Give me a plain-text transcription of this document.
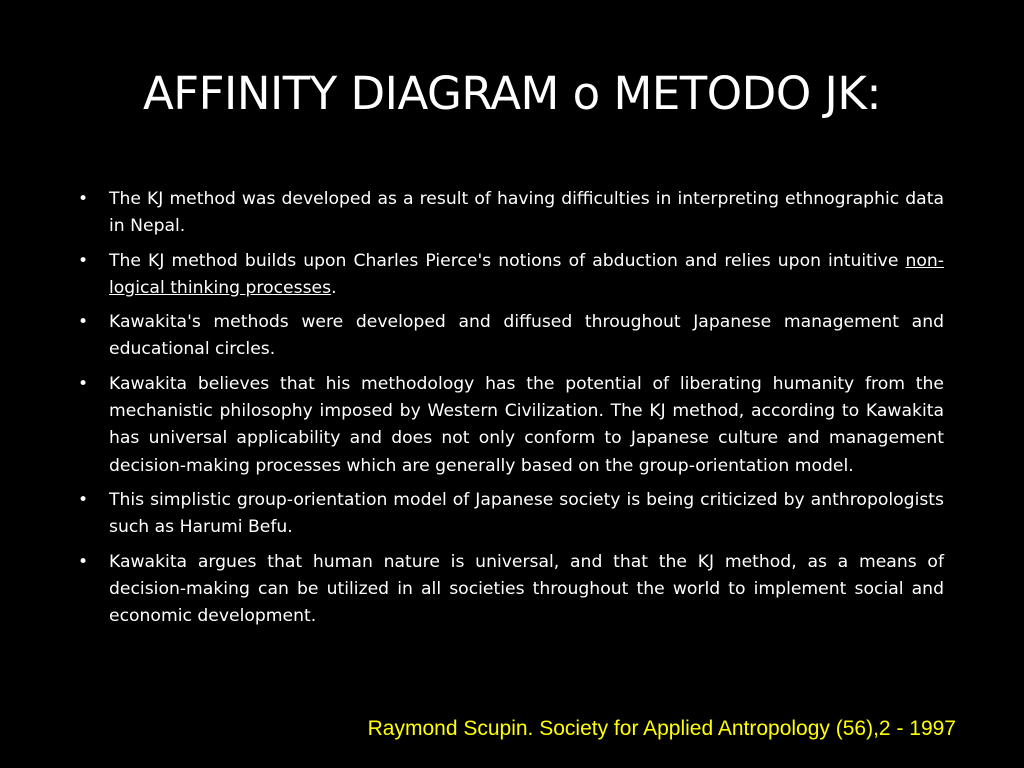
AFFINITY DIAGRAM o METODO JK:
•	The KJ method was developed as a result of having difficulties in interpreting ethnographic data in Nepal.
•	The KJ method builds upon Charles Pierce's notions of abduction and relies upon intuitive non-logical thinking processes.
•	Kawakita's methods were developed and diffused throughout Japanese management and educational circles.
•	Kawakita believes that his methodology has the potential of liberating humanity from the mechanistic philosophy imposed by Western Civilization. The KJ method, according to Kawakita has universal applicability and does not only conform to Japanese culture and management decision-making processes which are generally based on the group-orientation model.
•	This simplistic group-orientation model of Japanese society is being criticized by anthropologists such as Harumi Befu.
•	Kawakita argues that human nature is universal, and that the KJ method, as a means of decision-making can be utilized in all societies throughout the world to implement social and economic development.

Raymond Scupin. Society for Applied Antropology (56),2 - 1997
